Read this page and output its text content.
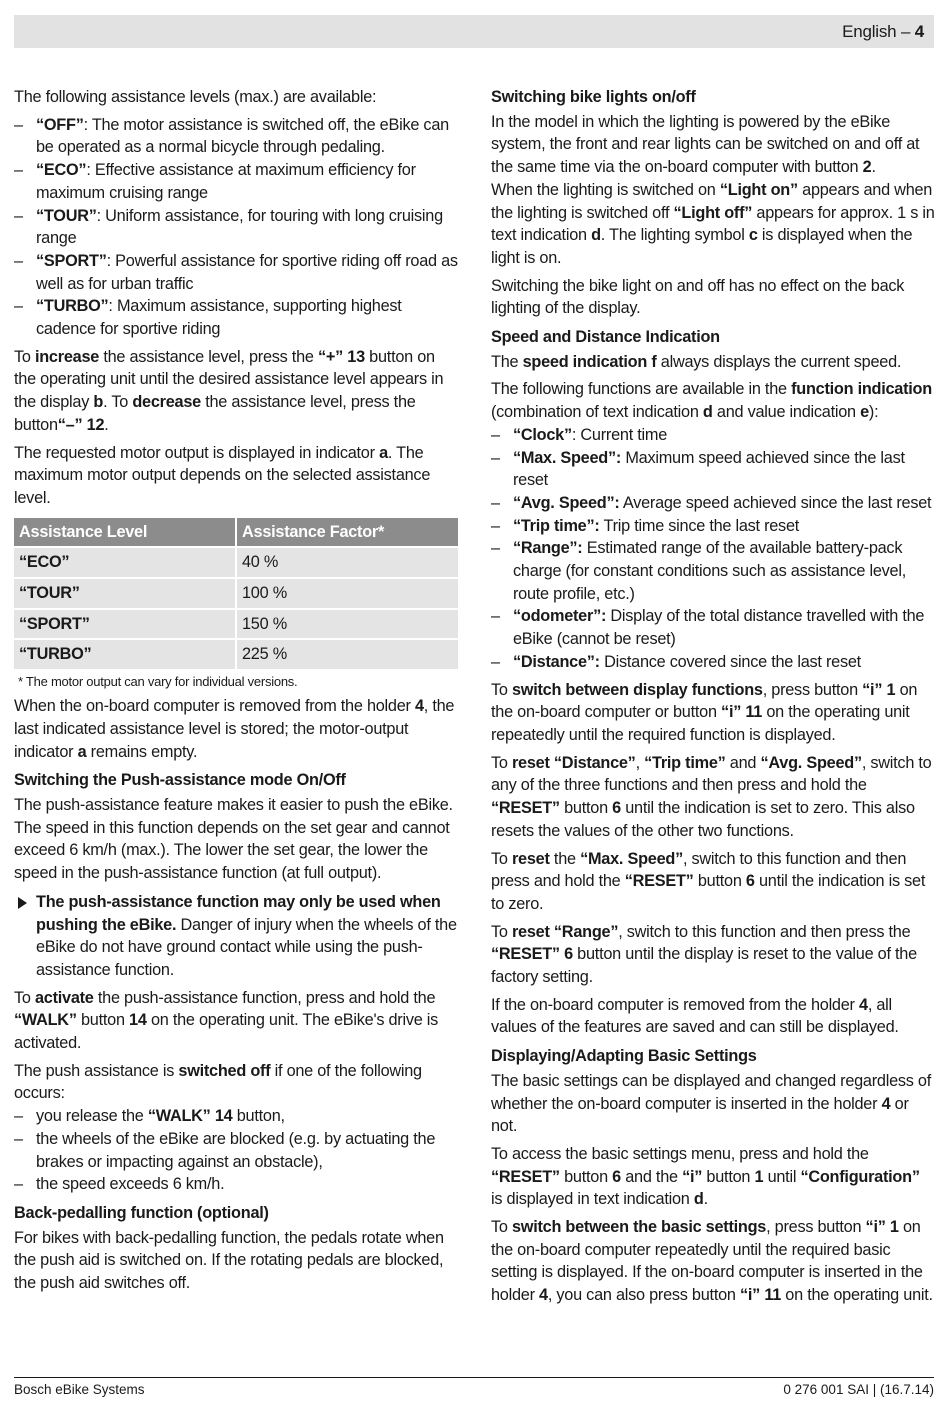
English – 4

The following assistance levels (max.) are available:

– “OFF”: The motor assistance is switched off, the eBike can be operated as a normal bicycle through pedaling.
– “ECO”: Effective assistance at maximum efficiency for maximum cruising range
– “TOUR”: Uniform assistance, for touring with long cruising range
– “SPORT”: Powerful assistance for sportive riding off road as well as for urban traffic
– “TURBO”: Maximum assistance, supporting highest cadence for sportive riding

To increase the assistance level, press the “+” 13 button on the operating unit until the desired assistance level appears in the display b. To decrease the assistance level, press the button“–” 12.

The requested motor output is displayed in indicator a. The maximum motor output depends on the selected assistance level.

Assistance Level	Assistance Factor*
“ECO”	40 %
“TOUR”	100 %
“SPORT”	150 %
“TURBO”	225 %
* The motor output can vary for individual versions.

When the on-board computer is removed from the holder 4, the last indicated assistance level is stored; the motor-output indicator a remains empty.

Switching the Push-assistance mode On/Off

The push-assistance feature makes it easier to push the eBike. The speed in this function depends on the set gear and cannot exceed 6 km/h (max.). The lower the set gear, the lower the speed in the push-assistance function (at full output).

The push-assistance function may only be used when pushing the eBike. Danger of injury when the wheels of the eBike do not have ground contact while using the push-assistance function.

To activate the push-assistance function, press and hold the “WALK” button 14 on the operating unit. The eBike's drive is activated.

The push assistance is switched off if one of the following occurs:

– you release the “WALK” 14 button,
– the wheels of the eBike are blocked (e.g. by actuating the brakes or impacting against an obstacle),
– the speed exceeds 6 km/h.
Back-pedalling function (optional)

For bikes with back-pedalling function, the pedals rotate when the push aid is switched on. If the rotating pedals are blocked, the push aid switches off.

Switching bike lights on/off

In the model in which the lighting is powered by the eBike system, the front and rear lights can be switched on and off at the same time via the on-board computer with button 2.

When the lighting is switched on “Light on” appears and when the lighting is switched off “Light off” appears for approx. 1 s in text indication d. The lighting symbol c is displayed when the light is on.

Switching the bike light on and off has no effect on the back lighting of the display.

Speed and Distance Indication

The speed indication f always displays the current speed.

The following functions are available in the function indication (combination of text indication d and value indication e):

– “Clock”: Current time
– “Max. Speed”: Maximum speed achieved since the last reset
– “Avg. Speed”: Average speed achieved since the last reset
– “Trip time”: Trip time since the last reset
– “Range”: Estimated range of the available battery-pack charge (for constant conditions such as assistance level, route profile, etc.)
– “odometer”: Display of the total distance travelled with the eBike (cannot be reset)
– “Distance”: Distance covered since the last reset

To switch between display functions, press button “i” 1 on the on-board computer or button “i” 11 on the operating unit repeatedly until the required function is displayed.

To reset “Distance”, “Trip time” and “Avg. Speed”, switch to any of the three functions and then press and hold the “RESET” button 6 until the indication is set to zero. This also resets the values of the other two functions.

To reset the “Max. Speed”, switch to this function and then press and hold the “RESET” button 6 until the indication is set to zero.

To reset “Range”, switch to this function and then press the “RESET” 6 button until the display is reset to the value of the factory setting.

If the on-board computer is removed from the holder 4, all values of the features are saved and can still be displayed.

Displaying/Adapting Basic Settings

The basic settings can be displayed and changed regardless of whether the on-board computer is inserted in the holder 4 or not.

To access the basic settings menu, press and hold the “RESET” button 6 and the “i” button 1 until “Configuration” is displayed in text indication d.

To switch between the basic settings, press button “i” 1 on the on-board computer repeatedly until the required basic setting is displayed. If the on-board computer is inserted in the holder 4, you can also press button “i” 11 on the operating unit.

Bosch eBike Systems	0 276 001 SAI | (16.7.14)
